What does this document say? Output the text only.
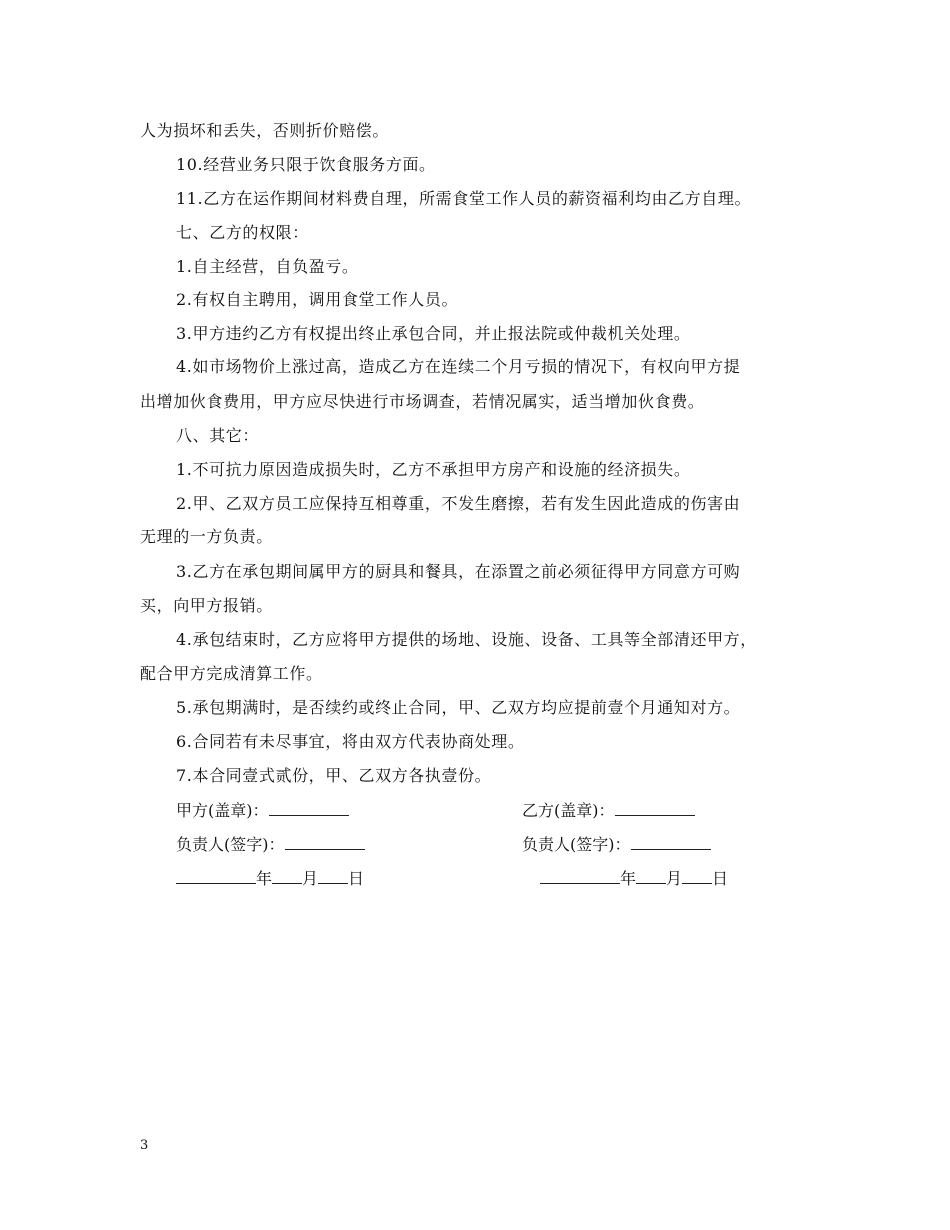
人为损坏和丢失，否则折价赔偿。
10.经营业务只限于饮食服务方面。
11.乙方在运作期间材料费自理，所需食堂工作人员的薪资福利均由乙方自理。
七、乙方的权限：
1.自主经营，自负盈亏。
2.有权自主聘用，调用食堂工作人员。
3.甲方违约乙方有权提出终止承包合同，并止报法院或仲裁机关处理。
4.如市场物价上涨过高，造成乙方在连续二个月亏损的情况下，有权向甲方提
出增加伙食费用，甲方应尽快进行市场调查，若情况属实，适当增加伙食费。
八、其它：
1.不可抗力原因造成损失时，乙方不承担甲方房产和设施的经济损失。
2.甲、乙双方员工应保持互相尊重，不发生磨擦，若有发生因此造成的伤害由
无理的一方负责。
3.乙方在承包期间属甲方的厨具和餐具，在添置之前必须征得甲方同意方可购
买，向甲方报销。
4.承包结束时，乙方应将甲方提供的场地、设施、设备、工具等全部清还甲方，
配合甲方完成清算工作。
5.承包期满时，是否续约或终止合同，甲、乙双方均应提前壹个月通知对方。
6.合同若有未尽事宜，将由双方代表协商处理。
7.本合同壹式贰份，甲、乙双方各执壹份。
甲方(盖章)：	乙方(盖章)：
负责人(签字)：	负责人(签字)：
年 月 日	年 月 日
3
